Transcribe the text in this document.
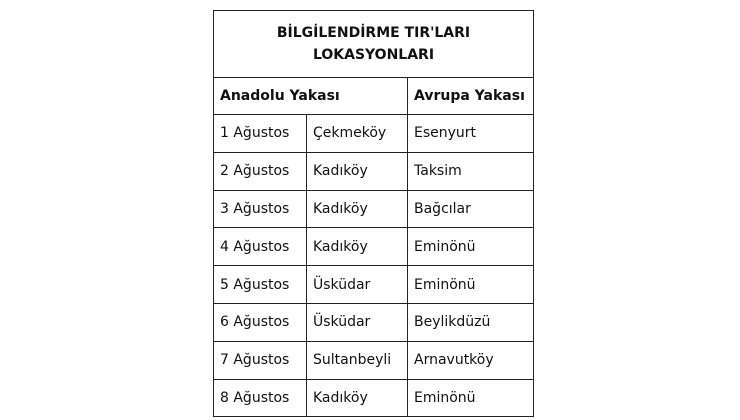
BİLGİLENDİRME TIR'LARI
LOKASYONLARI		

Anadolu Yakası		Avrupa Yakası
1 Ağustos	Çekmeköy	Esenyurt
2 Ağustos	Kadıköy	Taksim
3 Ağustos	Kadıköy	Bağcılar
4 Ağustos	Kadıköy	Eminönü
5 Ağustos	Üsküdar	Eminönü
6 Ağustos	Üsküdar	Beylikdüzü
7 Ağustos	Sultanbeyli	Arnavutköy
8 Ağustos	Kadıköy	Eminönü
